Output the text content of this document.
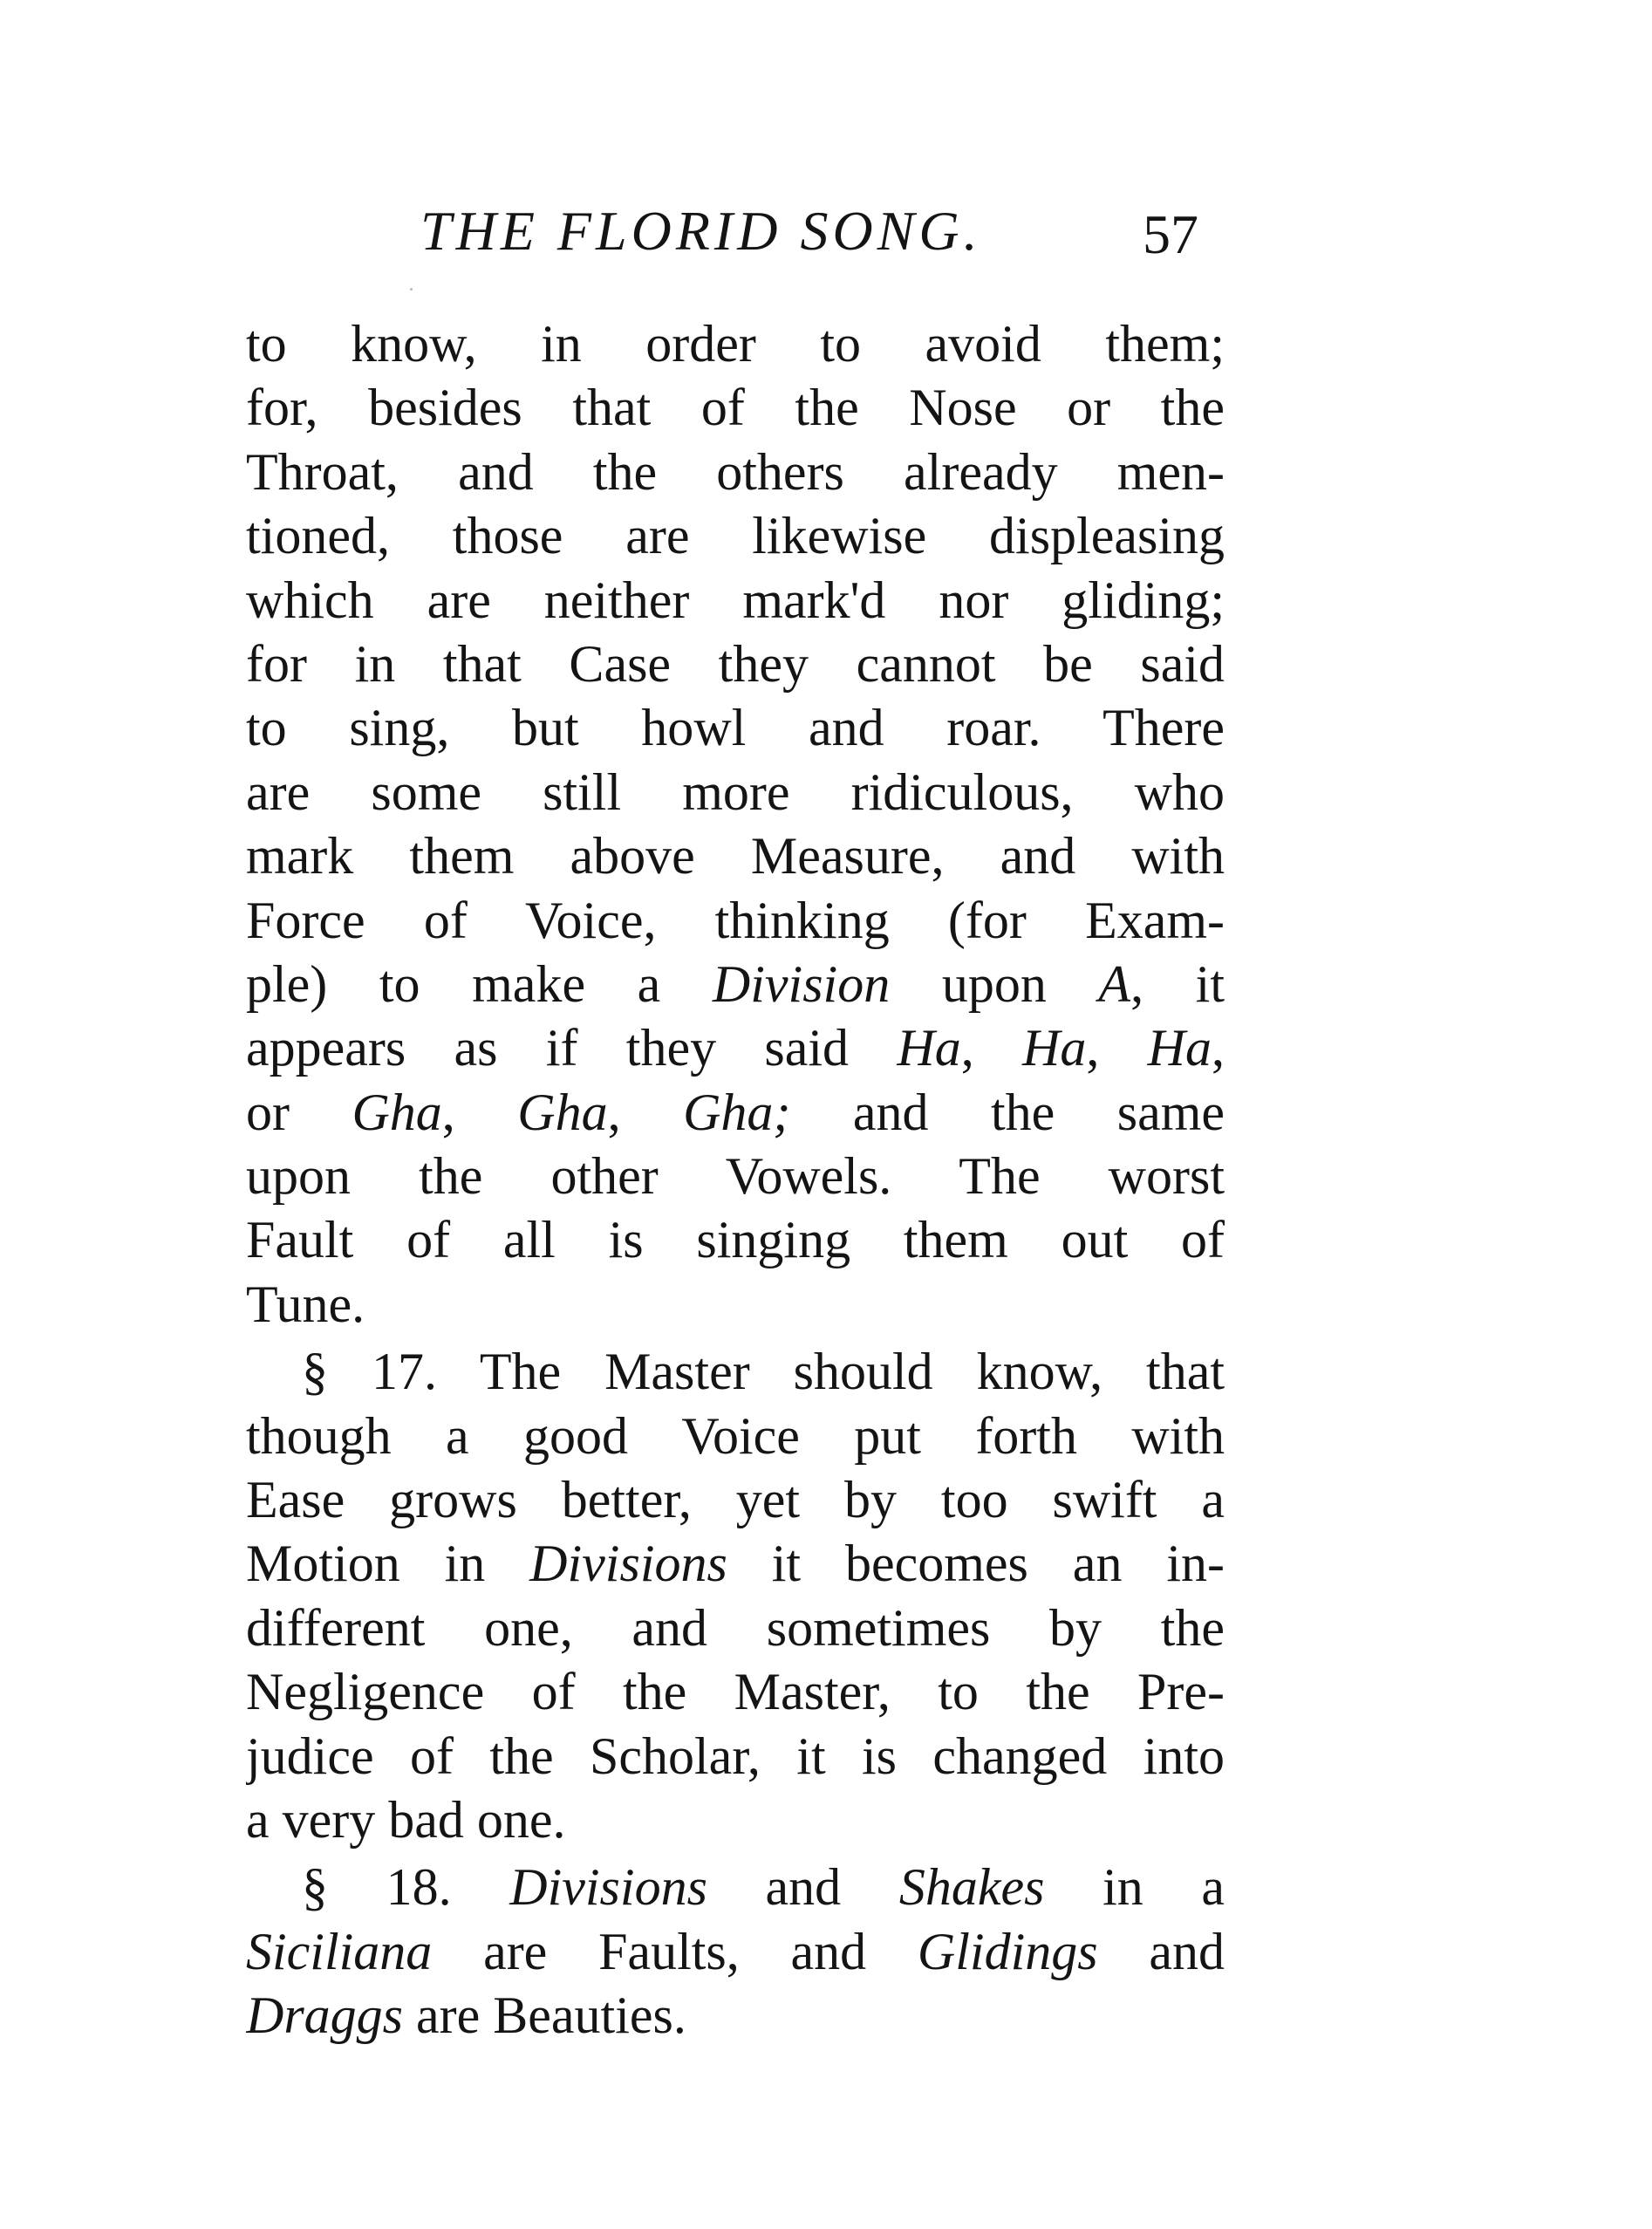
THE FLORID SONG.	57
to know, in order to avoid them;
for, besides that of the Nose or the
Throat, and the others already men-
tioned, those are likewise displeasing
which are neither mark'd nor gliding;
for in that Case they cannot be said
to sing, but howl and roar. There
are some still more ridiculous, who
mark them above Measure, and with
Force of Voice, thinking (for Exam-
ple) to make a Division upon A, it
appears as if they said Ha, Ha, Ha,
or Gha, Gha, Gha; and the same
upon the other Vowels. The worst
Fault of all is singing them out of
Tune.
§ 17. The Master should know, that
though a good Voice put forth with
Ease grows better, yet by too swift a
Motion in Divisions it becomes an in-
different one, and sometimes by the
Negligence of the Master, to the Pre-
judice of the Scholar, it is changed into
a very bad one.
§ 18. Divisions and Shakes in a
Siciliana are Faults, and Glidings and
Draggs are Beauties.
